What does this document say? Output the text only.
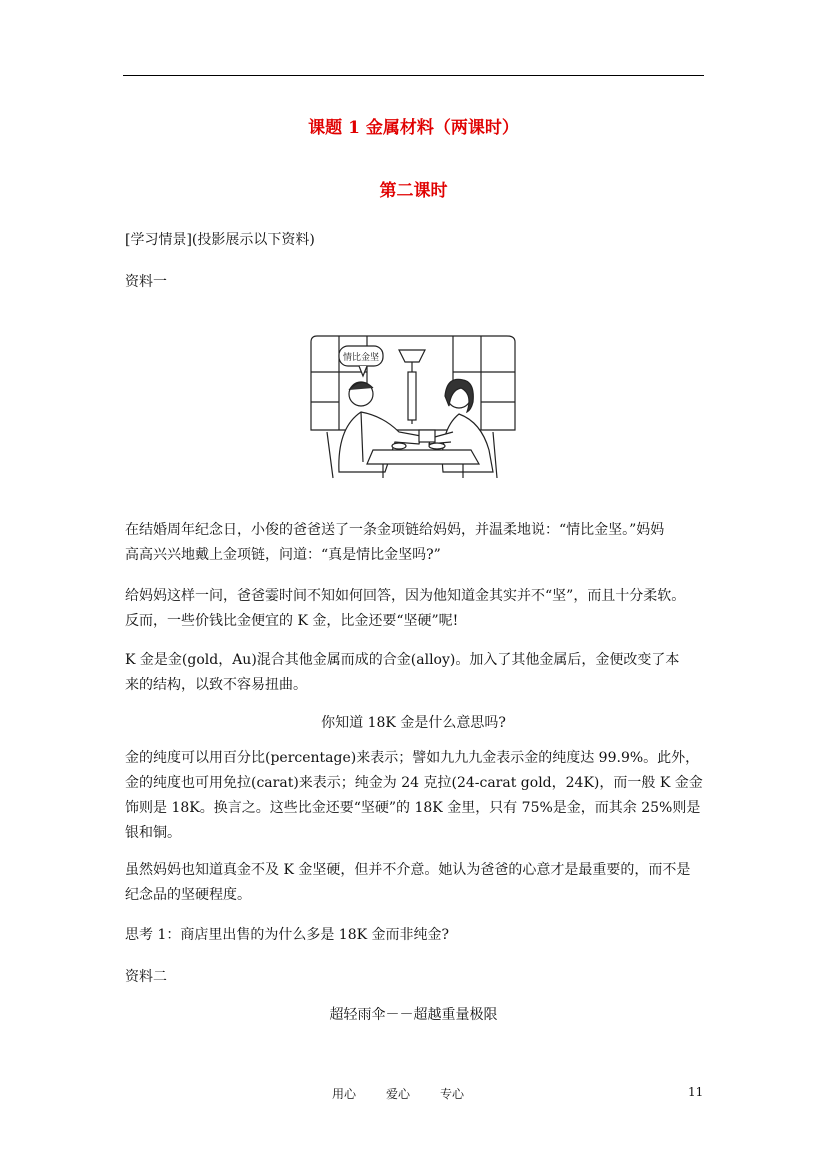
课题 1 金属材料（两课时）
第二课时

[学习情景](投影展示以下资料)

资料一

情比金坚

在结婚周年纪念日，小俊的爸爸送了一条金项链给妈妈，并温柔地说：“情比金坚。”妈妈
高高兴兴地戴上金项链，问道：“真是情比金坚吗?”

给妈妈这样一问，爸爸霎时间不知如何回答，因为他知道金其实并不“坚”，而且十分柔软。
反而，一些价钱比金便宜的 K 金，比金还要“坚硬”呢!

K 金是金(gold，Au)混合其他金属而成的合金(alloy)。加入了其他金属后，金便改变了本
来的结构，以致不容易扭曲。

你知道 18K 金是什么意思吗?

金的纯度可以用百分比(percentage)来表示；譬如九九九金表示金的纯度达 99.9%。此外，
金的纯度也可用免拉(carat)来表示；纯金为 24 克拉(24-carat gold，24K)，而一般 K 金金
饰则是 18K。换言之。这些比金还要“坚硬”的 18K 金里，只有 75%是金，而其余 25%则是
银和铜。

虽然妈妈也知道真金不及 K 金坚硬，但并不介意。她认为爸爸的心意才是最重要的，而不是
纪念品的坚硬程度。

思考 1：商店里出售的为什么多是 18K 金而非纯金?

资料二

超轻雨伞－－超越重量极限
用心	爱心	专心	11
